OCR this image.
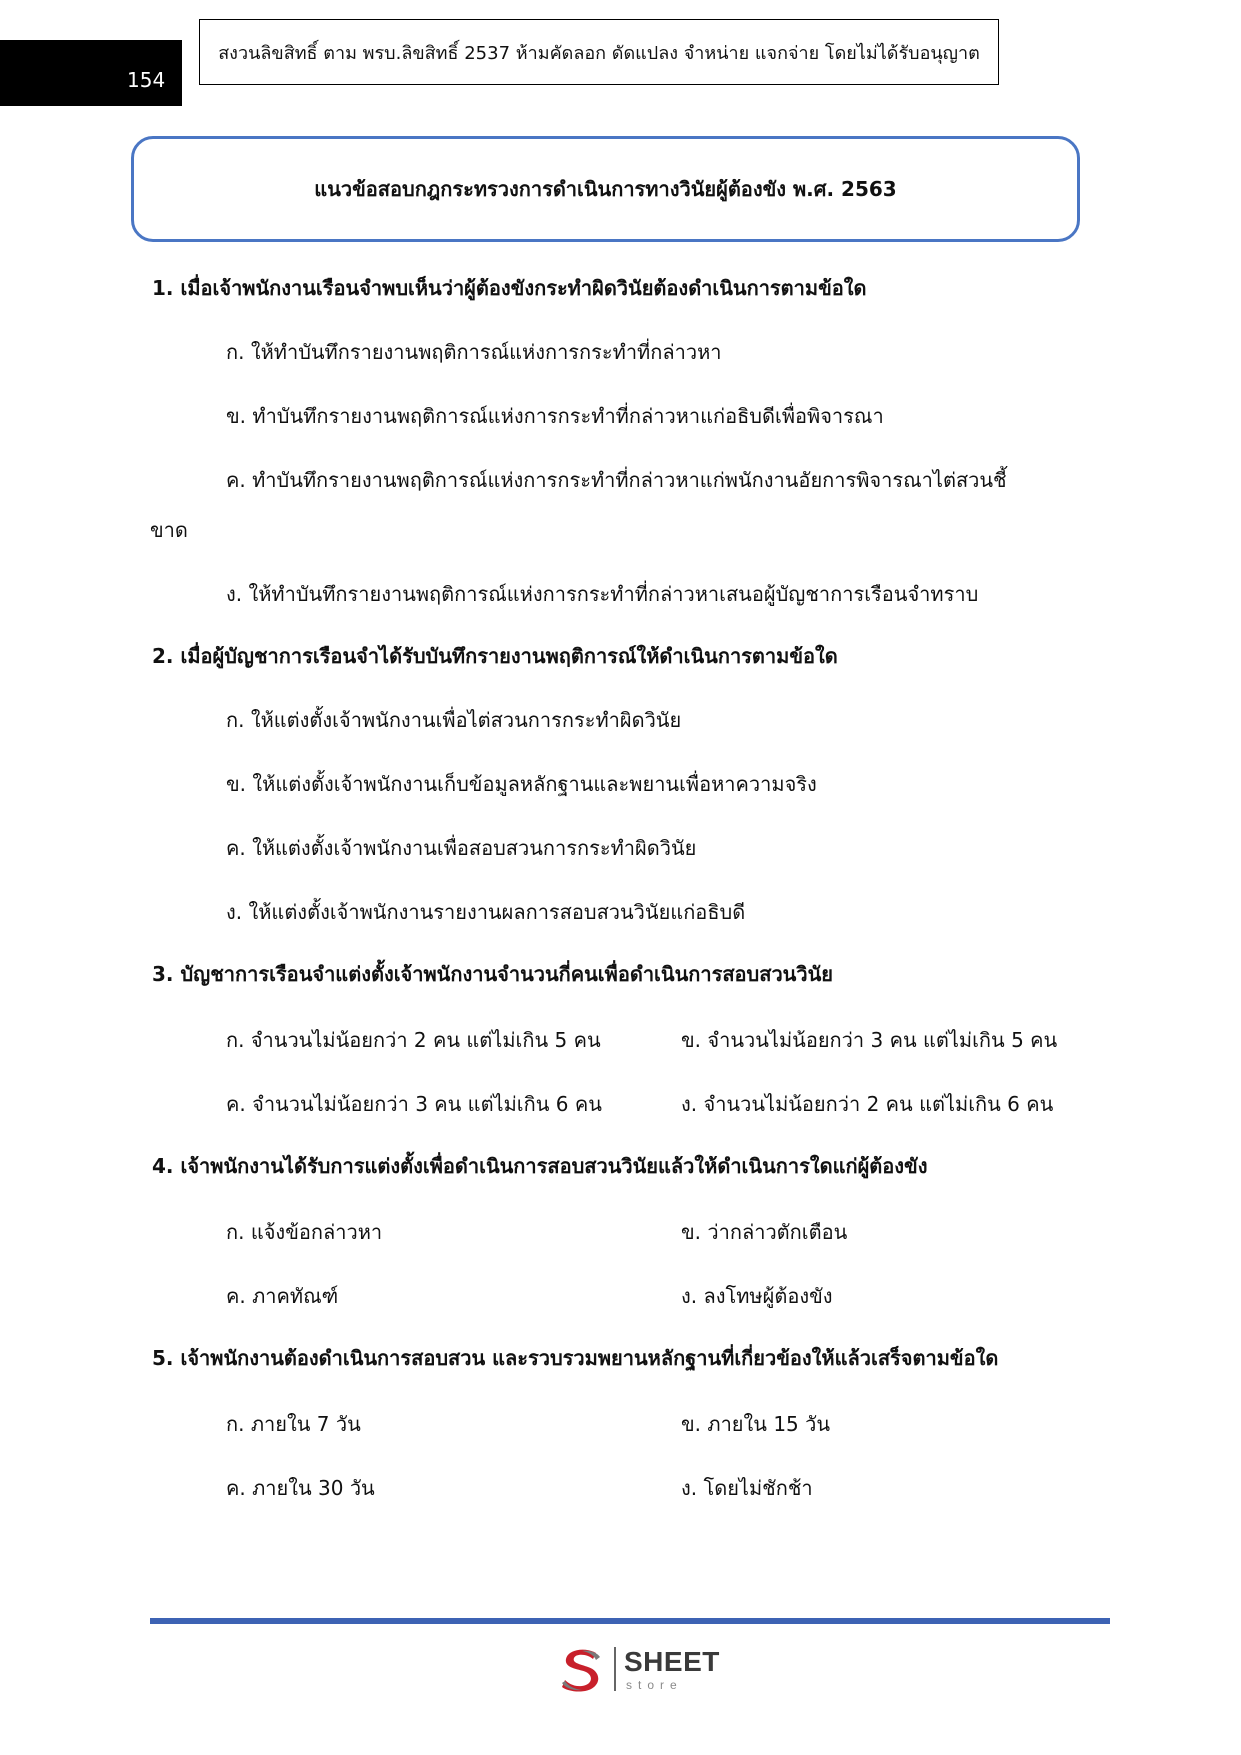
154
สงวนลิขสิทธิ์ ตาม พรบ.ลิขสิทธิ์ 2537 ห้ามคัดลอก ดัดแปลง จำหน่าย แจกจ่าย โดยไม่ได้รับอนุญาต
แนวข้อสอบกฎกระทรวงการดำเนินการทางวินัยผู้ต้องขัง พ.ศ. 2563
1. เมื่อเจ้าพนักงานเรือนจำพบเห็นว่าผู้ต้องขังกระทำผิดวินัยต้องดำเนินการตามข้อใด
ก. ให้ทำบันทึกรายงานพฤติการณ์แห่งการกระทำที่กล่าวหา
ข. ทำบันทึกรายงานพฤติการณ์แห่งการกระทำที่กล่าวหาแก่อธิบดีเพื่อพิจารณา
ค. ทำบันทึกรายงานพฤติการณ์แห่งการกระทำที่กล่าวหาแก่พนักงานอัยการพิจารณาไต่สวนชี้
ขาด
ง. ให้ทำบันทึกรายงานพฤติการณ์แห่งการกระทำที่กล่าวหาเสนอผู้บัญชาการเรือนจำทราบ
2. เมื่อผู้บัญชาการเรือนจำได้รับบันทึกรายงานพฤติการณ์ให้ดำเนินการตามข้อใด
ก. ให้แต่งตั้งเจ้าพนักงานเพื่อไต่สวนการกระทำผิดวินัย
ข. ให้แต่งตั้งเจ้าพนักงานเก็บข้อมูลหลักฐานและพยานเพื่อหาความจริง
ค. ให้แต่งตั้งเจ้าพนักงานเพื่อสอบสวนการกระทำผิดวินัย
ง. ให้แต่งตั้งเจ้าพนักงานรายงานผลการสอบสวนวินัยแก่อธิบดี
3. บัญชาการเรือนจำแต่งตั้งเจ้าพนักงานจำนวนกี่คนเพื่อดำเนินการสอบสวนวินัย
ก. จำนวนไม่น้อยกว่า 2 คน แต่ไม่เกิน 5 คน	ข. จำนวนไม่น้อยกว่า 3 คน แต่ไม่เกิน 5 คน
ค. จำนวนไม่น้อยกว่า 3 คน แต่ไม่เกิน 6 คน	ง. จำนวนไม่น้อยกว่า 2 คน แต่ไม่เกิน 6 คน
4. เจ้าพนักงานได้รับการแต่งตั้งเพื่อดำเนินการสอบสวนวินัยแล้วให้ดำเนินการใดแก่ผู้ต้องขัง
ก. แจ้งข้อกล่าวหา	ข. ว่ากล่าวตักเตือน
ค. ภาคทัณฑ์	ง. ลงโทษผู้ต้องขัง
5. เจ้าพนักงานต้องดำเนินการสอบสวน และรวบรวมพยานหลักฐานที่เกี่ยวข้องให้แล้วเสร็จตามข้อใด
ก. ภายใน 7 วัน	ข. ภายใน 15 วัน
ค. ภายใน 30 วัน	ง. โดยไม่ชักช้า
SHEET
store
